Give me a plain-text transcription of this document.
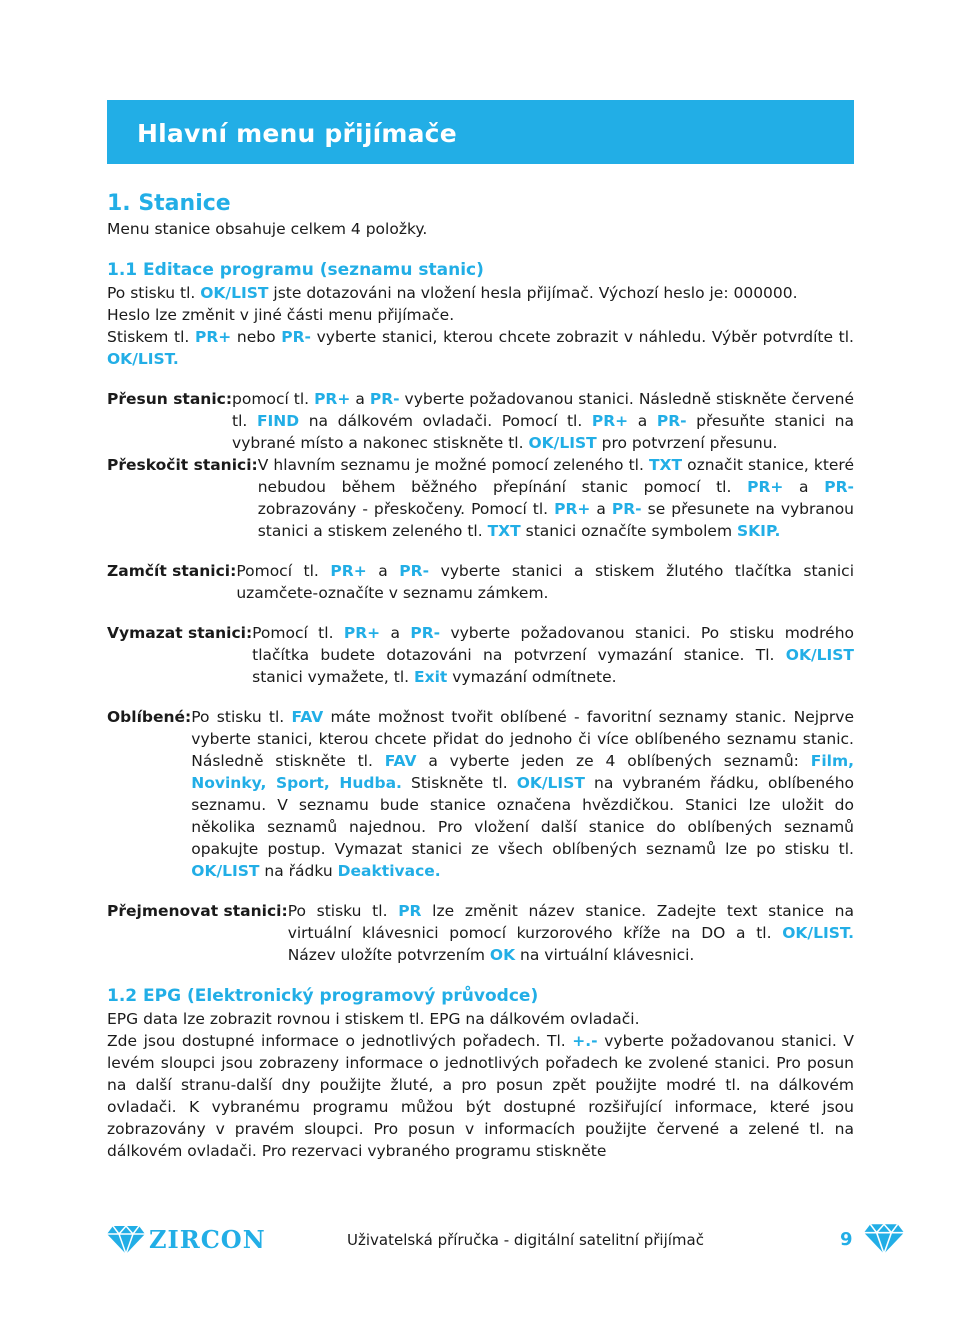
Hlavní menu přijímače
1. Stanice

Menu stanice obsahuje celkem 4 položky.

1.1 Editace programu (seznamu stanic)

Po stisku tl. OK/LIST jste dotazováni na vložení hesla přijímač. Výchozí heslo je: 000000.

Heslo lze změnit v jiné části menu přijímače.

Stiskem tl. PR+ nebo PR- vyberte stanici, kterou chcete zobrazit v náhledu. Výběr potvrdíte tl. OK/LIST.

Přesun stanic: pomocí tl. PR+ a PR- vyberte požadovanou stanici. Následně stiskněte červené tl. FIND na dálkovém ovladači. Pomocí tl. PR+ a PR- přesuňte stanici na vybrané místo a nakonec stiskněte tl. OK/LIST pro potvrzení přesunu.
Přeskočit stanici: V hlavním seznamu je možné pomocí zeleného tl. TXT označit stanice, které nebudou během běžného přepínání stanic pomocí tl. PR+ a PR- zobrazovány - přeskočeny. Pomocí tl. PR+ a PR- se přesunete na vybranou stanici a stiskem zeleného tl. TXT stanici označíte symbolem SKIP.
Zamčít stanici: Pomocí tl. PR+ a PR- vyberte stanici a stiskem žlutého tlačítka stanici uzamčete-označíte v seznamu zámkem.
Vymazat stanici: Pomocí tl. PR+ a PR- vyberte požadovanou stanici. Po stisku modrého tlačítka budete dotazováni na potvrzení vymazání stanice. Tl. OK/LIST stanici vymažete, tl. Exit vymazání odmítnete.
Oblíbené: Po stisku tl. FAV máte možnost tvořit oblíbené - favoritní seznamy stanic. Nejprve vyberte stanici, kterou chcete přidat do jednoho či více oblíbeného seznamu stanic. Následně stiskněte tl. FAV a vyberte jeden ze 4 oblíbených seznamů: Film, Novinky, Sport, Hudba. Stiskněte tl. OK/LIST na vybraném řádku, oblíbeného seznamu. V seznamu bude stanice označena hvězdičkou. Stanici lze uložit do několika seznamů najednou. Pro vložení další stanice do oblíbených seznamů opakujte postup. Vymazat stanici ze všech oblíbených seznamů lze po stisku tl. OK/LIST na řádku Deaktivace.
Přejmenovat stanici: Po stisku tl. PR lze změnit název stanice. Zadejte text stanice na virtuální klávesnici pomocí kurzorového kříže na DO a tl. OK/LIST. Název uložíte potvrzením OK na virtuální klávesnici.
1.2 EPG (Elektronický programový průvodce)

EPG data lze zobrazit rovnou i stiskem tl. EPG na dálkovém ovladači.

Zde jsou dostupné informace o jednotlivých pořadech. Tl. +.- vyberte požadovanou stanici. V levém sloupci jsou zobrazeny informace o jednotlivých pořadech ke zvolené stanici. Pro posun na další stranu-další dny použijte žluté, a pro posun zpět použijte modré tl. na dálkovém ovladači. K vybranému programu můžou být dostupné rozšiřující informace, které jsou zobrazovány v pravém sloupci. Pro posun v informacích použijte červené a zelené tl. na dálkovém ovladači. Pro rezervaci vybraného programu stiskněte

ZIRCON	Uživatelská příručka - digitální satelitní přijímač	9
